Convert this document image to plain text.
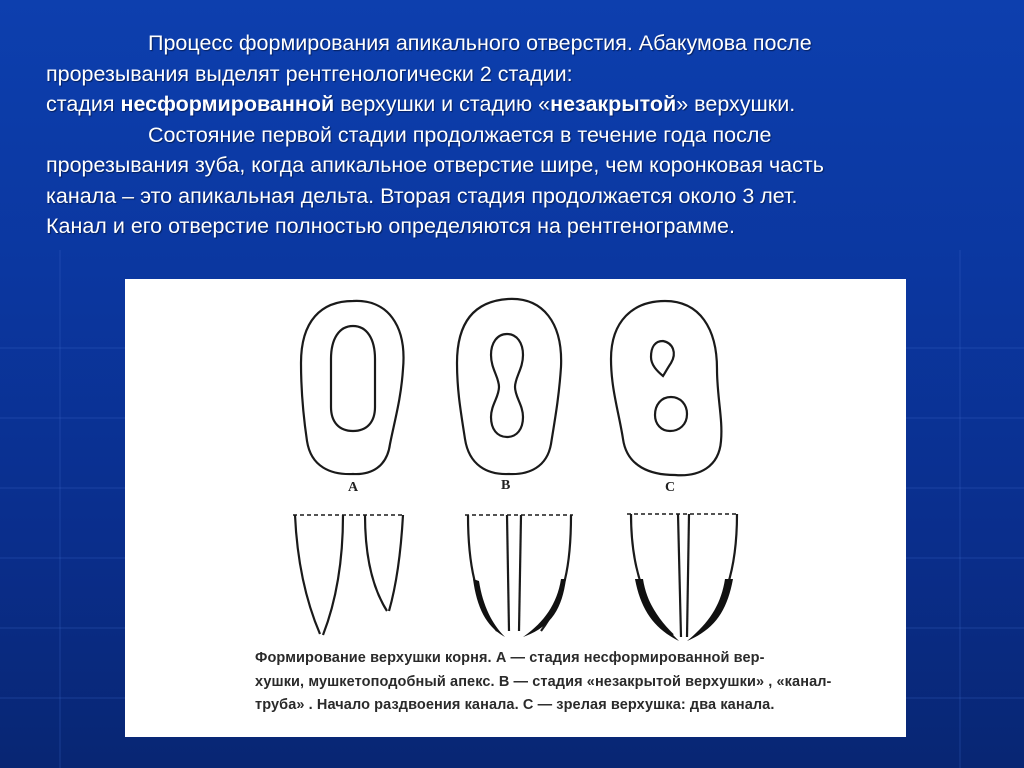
Процесс формирования апикального отверстия. Абакумова после

прорезывания выделят рентгенологически 2 стадии:

стадия несформированной верхушки и стадию «незакрытой» верхушки.

Состояние первой стадии продолжается в течение года после

прорезывания зуба, когда апикальное отверстие шире, чем коронковая часть

канала – это апикальная дельта. Вторая стадия продолжается около 3 лет.

Канал и его отверстие полностью определяются на рентгенограмме.

А	В	С

Формирование верхушки корня. А — стадия несформированной вер-

хушки, мушкетоподобный апекс. В — стадия «незакрытой верхушки» , «канал-

труба» . Начало раздвоения канала. С — зрелая верхушка: два канала.
